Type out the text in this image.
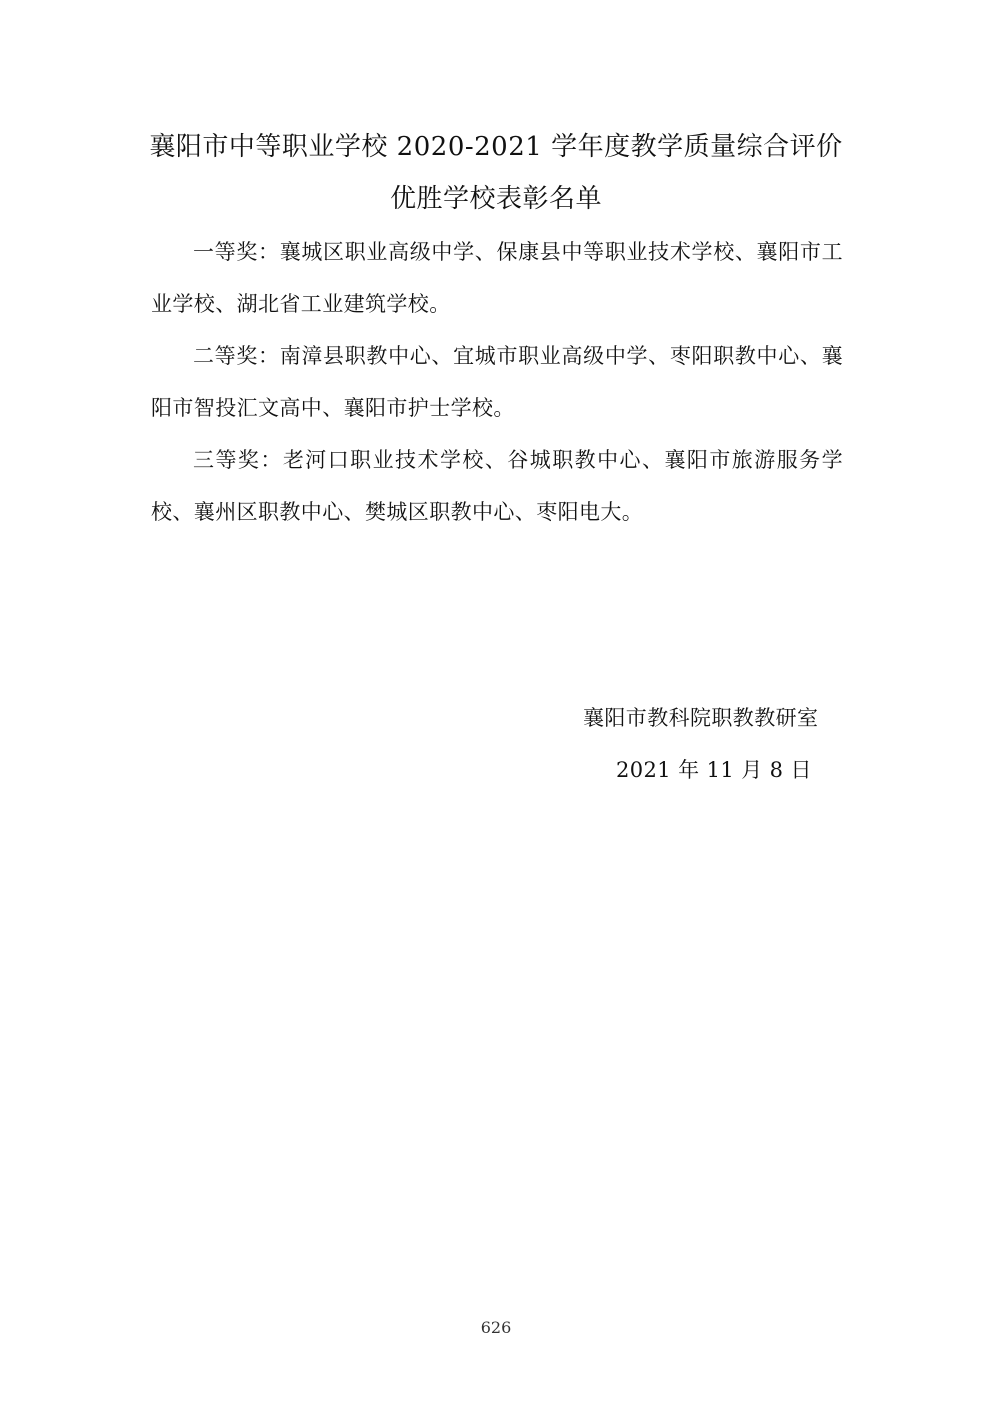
襄阳市中等职业学校 2020-2021 学年度教学质量综合评价
优胜学校表彰名单

一等奖：襄城区职业高级中学、保康县中等职业技术学校、襄阳市工业学校、湖北省工业建筑学校。

二等奖：南漳县职教中心、宜城市职业高级中学、枣阳职教中心、襄阳市智投汇文高中、襄阳市护士学校。

三等奖：老河口职业技术学校、谷城职教中心、襄阳市旅游服务学校、襄州区职教中心、樊城区职教中心、枣阳电大。

襄阳市教科院职教教研室
2021 年 11 月 8 日
626
